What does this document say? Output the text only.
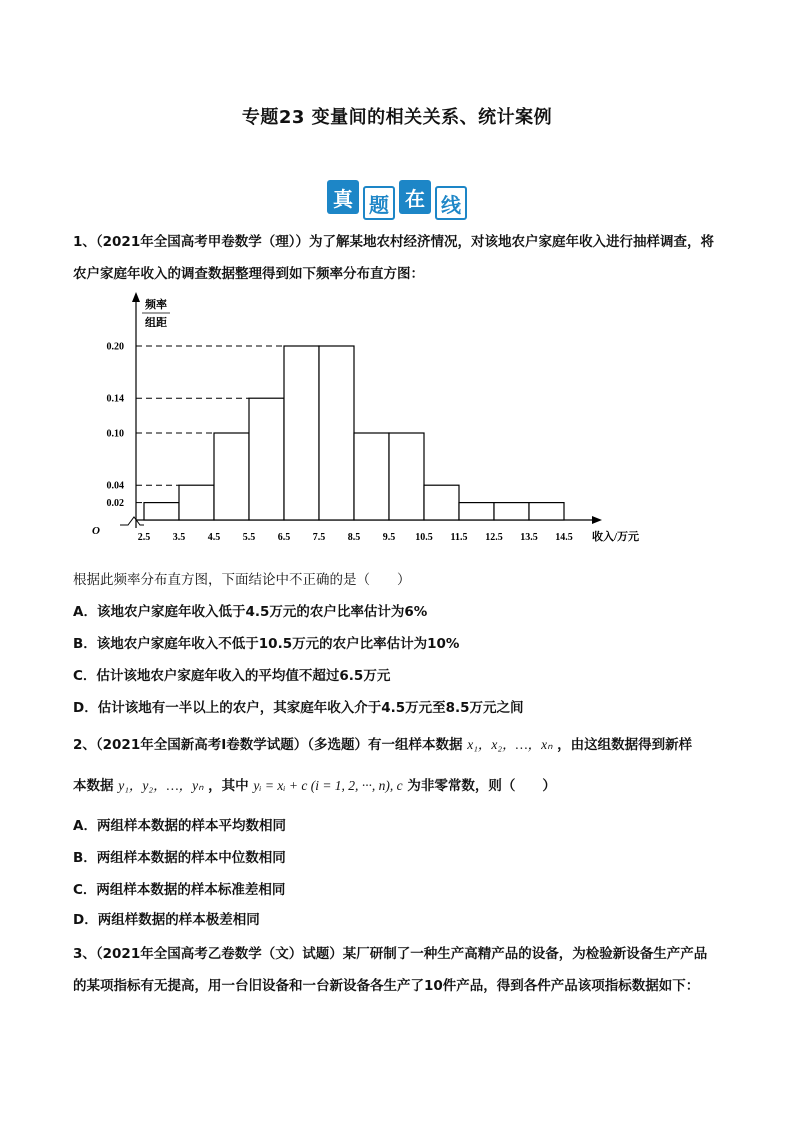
专题23 变量间的相关关系、统计案例
真 题 在 线
1、（2021年全国高考甲卷数学（理））为了解某地农村经济情况，对该地农户家庭年收入进行抽样调查，将
农户家庭年收入的调查数据整理得到如下频率分布直方图：
频率
组距
O
0.02
0.04
0.10
0.14
0.20
2.5 3.5 4.5 5.5 6.5 7.5 8.5 9.5 10.5 11.5 12.5 13.5 14.5 收入/万元
根据此频率分布直方图，下面结论中不正确的是（　　）
A．该地农户家庭年收入低于4.5万元的农户比率估计为6%
B．该地农户家庭年收入不低于10.5万元的农户比率估计为10%
C．估计该地农户家庭年收入的平均值不超过6.5万元
D．估计该地有一半以上的农户，其家庭年收入介于4.5万元至8.5万元之间
2、（2021年全国新高考Ⅰ卷数学试题）（多选题）有一组样本数据 x₁，x₂，…，xₙ ，由这组数据得到新样
本数据 y₁，y₂，…，yₙ ，其中 yᵢ = xᵢ + c (i = 1, 2, ···, n), c 为非零常数，则（　　）
A．两组样本数据的样本平均数相同
B．两组样本数据的样本中位数相同
C．两组样本数据的样本标准差相同
D．两组样数据的样本极差相同
3、（2021年全国高考乙卷数学（文）试题）某厂研制了一种生产高精产品的设备，为检验新设备生产产品
的某项指标有无提高，用一台旧设备和一台新设备各生产了10件产品，得到各件产品该项指标数据如下：
